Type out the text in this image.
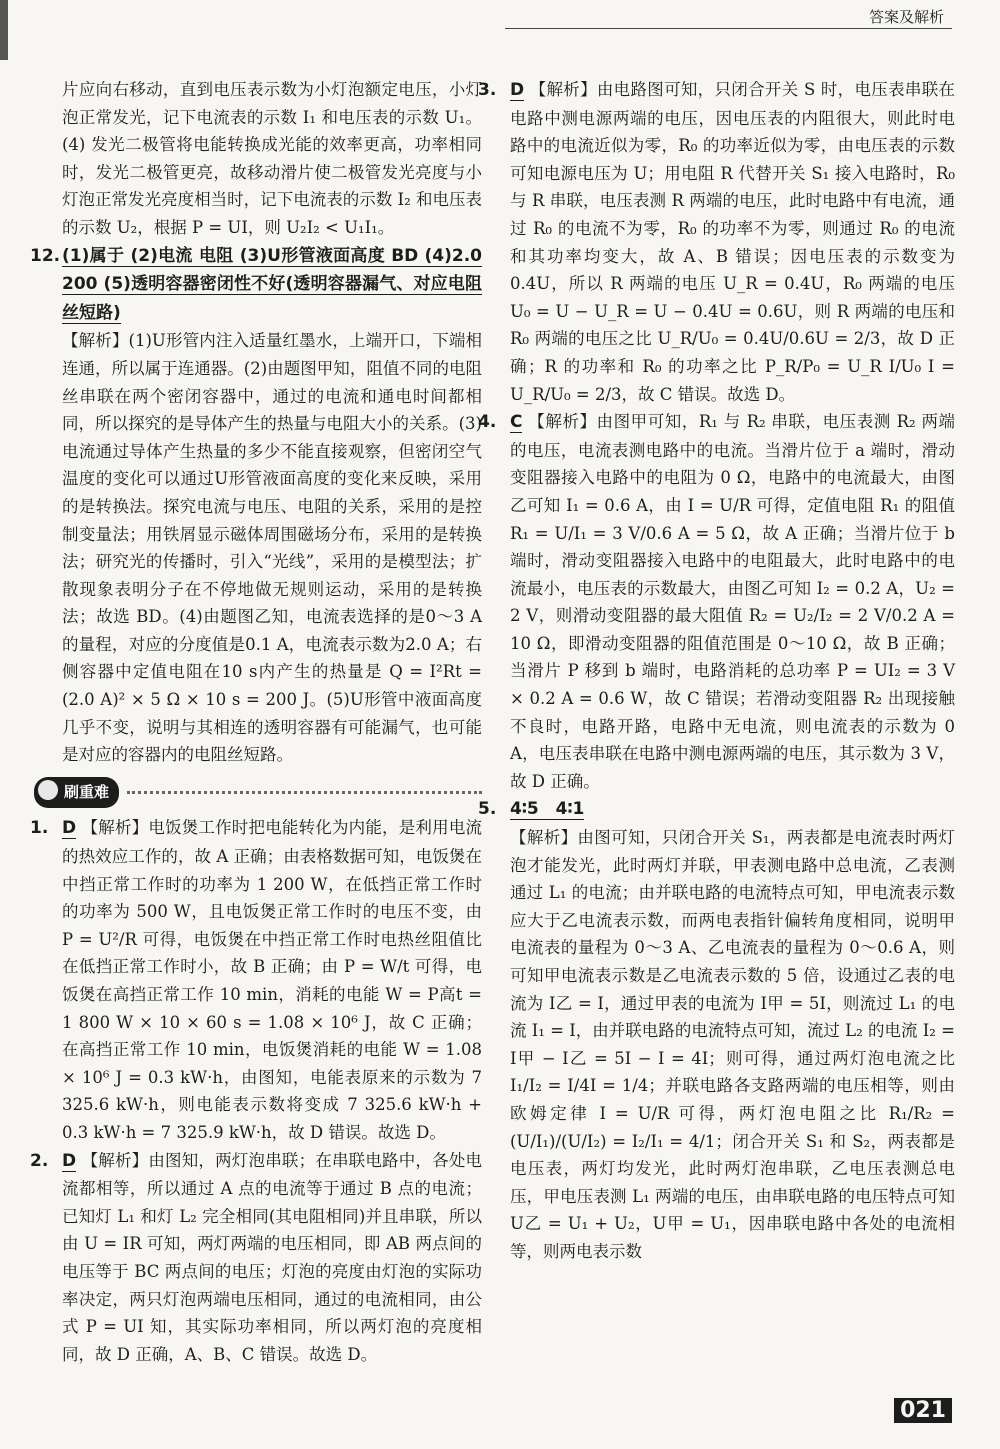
答案及解析

片应向右移动，直到电压表示数为小灯泡额定电压，小灯泡正常发光，记下电流表的示数 I₁ 和电压表的示数 U₁。(4) 发光二极管将电能转换成光能的效率更高，功率相同时，发光二极管更亮，故移动滑片使二极管发光亮度与小灯泡正常发光亮度相当时，记下电流表的示数 I₂ 和电压表的示数 U₂，根据 P = UI，则 U₂I₂ < U₁I₁。

12. (1)属于 (2)电流 电阻 (3)U形管液面高度 BD (4)2.0 200 (5)透明容器密闭性不好(透明容器漏气、对应电阻丝短路)

【解析】(1)U形管内注入适量红墨水，上端开口，下端相连通，所以属于连通器。(2)由题图甲知，阻值不同的电阻丝串联在两个密闭容器中，通过的电流和通电时间都相同，所以探究的是导体产生的热量与电阻大小的关系。(3)电流通过导体产生热量的多少不能直接观察，但密闭空气温度的变化可以通过U形管液面高度的变化来反映，采用的是转换法。探究电流与电压、电阻的关系，采用的是控制变量法；用铁屑显示磁体周围磁场分布，采用的是转换法；研究光的传播时，引入“光线”，采用的是模型法；扩散现象表明分子在不停地做无规则运动，采用的是转换法；故选 BD。(4)由题图乙知，电流表选择的是0～3 A的量程，对应的分度值是0.1 A，电流表示数为2.0 A；右侧容器中定值电阻在10 s内产生的热量是 Q = I²Rt = (2.0 A)² × 5 Ω × 10 s = 200 J。(5)U形管中液面高度几乎不变，说明与其相连的透明容器有可能漏气，也可能是对应的容器内的电阻丝短路。

刷重难

1. D 【解析】电饭煲工作时把电能转化为内能，是利用电流的热效应工作的，故 A 正确；由表格数据可知，电饭煲在中挡正常工作时的功率为 1 200 W，在低挡正常工作时的功率为 500 W，且电饭煲正常工作时的电压不变，由 P = U²/R 可得，电饭煲在中挡正常工作时电热丝阻值比在低挡正常工作时小，故 B 正确；由 P = W/t 可得，电饭煲在高挡正常工作 10 min，消耗的电能 W = P高t = 1 800 W × 10 × 60 s = 1.08 × 10⁶ J，故 C 正确；在高挡正常工作 10 min，电饭煲消耗的电能 W = 1.08 × 10⁶ J = 0.3 kW·h，由图知，电能表原来的示数为 7 325.6 kW·h，则电能表示数将变成 7 325.6 kW·h + 0.3 kW·h = 7 325.9 kW·h，故 D 错误。故选 D。

2. D 【解析】由图知，两灯泡串联；在串联电路中，各处电流都相等，所以通过 A 点的电流等于通过 B 点的电流；已知灯 L₁ 和灯 L₂ 完全相同(其电阻相同)并且串联，所以由 U = IR 可知，两灯两端的电压相同，即 AB 两点间的电压等于 BC 两点间的电压；灯泡的亮度由灯泡的实际功率决定，两只灯泡两端电压相同，通过的电流相同，由公式 P = UI 知，其实际功率相同，所以两灯泡的亮度相同，故 D 正确，A、B、C 错误。故选 D。

3. D 【解析】由电路图可知，只闭合开关 S 时，电压表串联在电路中测电源两端的电压，因电压表的内阻很大，则此时电路中的电流近似为零，R₀ 的功率近似为零，由电压表的示数可知电源电压为 U；用电阻 R 代替开关 S₁ 接入电路时，R₀ 与 R 串联，电压表测 R 两端的电压，此时电路中有电流，通过 R₀ 的电流不为零，R₀ 的功率不为零，则通过 R₀ 的电流和其功率均变大，故 A、B 错误；因电压表的示数变为 0.4U，所以 R 两端的电压 U_R = 0.4U，R₀ 两端的电压 U₀ = U − U_R = U − 0.4U = 0.6U，则 R 两端的电压和 R₀ 两端的电压之比 U_R/U₀ = 0.4U/0.6U = 2/3，故 D 正确；R 的功率和 R₀ 的功率之比 P_R/P₀ = U_R I/U₀ I = U_R/U₀ = 2/3，故 C 错误。故选 D。

4. C 【解析】由图甲可知，R₁ 与 R₂ 串联，电压表测 R₂ 两端的电压，电流表测电路中的电流。当滑片位于 a 端时，滑动变阻器接入电路中的电阻为 0 Ω，电路中的电流最大，由图乙可知 I₁ = 0.6 A，由 I = U/R 可得，定值电阻 R₁ 的阻值 R₁ = U/I₁ = 3 V/0.6 A = 5 Ω，故 A 正确；当滑片位于 b 端时，滑动变阻器接入电路中的电阻最大，此时电路中的电流最小，电压表的示数最大，由图乙可知 I₂ = 0.2 A，U₂ = 2 V，则滑动变阻器的最大阻值 R₂ = U₂/I₂ = 2 V/0.2 A = 10 Ω，即滑动变阻器的阻值范围是 0～10 Ω，故 B 正确；当滑片 P 移到 b 端时，电路消耗的总功率 P = UI₂ = 3 V × 0.2 A = 0.6 W，故 C 错误；若滑动变阻器 R₂ 出现接触不良时，电路开路，电路中无电流，则电流表的示数为 0 A，电压表串联在电路中测电源两端的电压，其示数为 3 V，故 D 正确。

5. 4∶5　4∶1

【解析】由图可知，只闭合开关 S₁，两表都是电流表时两灯泡才能发光，此时两灯并联，甲表测电路中总电流，乙表测通过 L₁ 的电流；由并联电路的电流特点可知，甲电流表示数应大于乙电流表示数，而两电表指针偏转角度相同，说明甲电流表的量程为 0～3 A、乙电流表的量程为 0～0.6 A，则可知甲电流表示数是乙电流表示数的 5 倍，设通过乙表的电流为 I乙 = I，通过甲表的电流为 I甲 = 5I，则流过 L₁ 的电流 I₁ = I，由并联电路的电流特点可知，流过 L₂ 的电流 I₂ = I甲 − I乙 = 5I − I = 4I；则可得，通过两灯泡电流之比 I₁/I₂ = I/4I = 1/4；并联电路各支路两端的电压相等，则由欧姆定律 I = U/R 可得，两灯泡电阻之比 R₁/R₂ = (U/I₁)/(U/I₂) = I₂/I₁ = 4/1；闭合开关 S₁ 和 S₂，两表都是电压表，两灯均发光，此时两灯泡串联，乙电压表测总电压，甲电压表测 L₁ 两端的电压，由串联电路的电压特点可知 U乙 = U₁ + U₂，U甲 = U₁，因串联电路中各处的电流相等，则两电表示数

021
